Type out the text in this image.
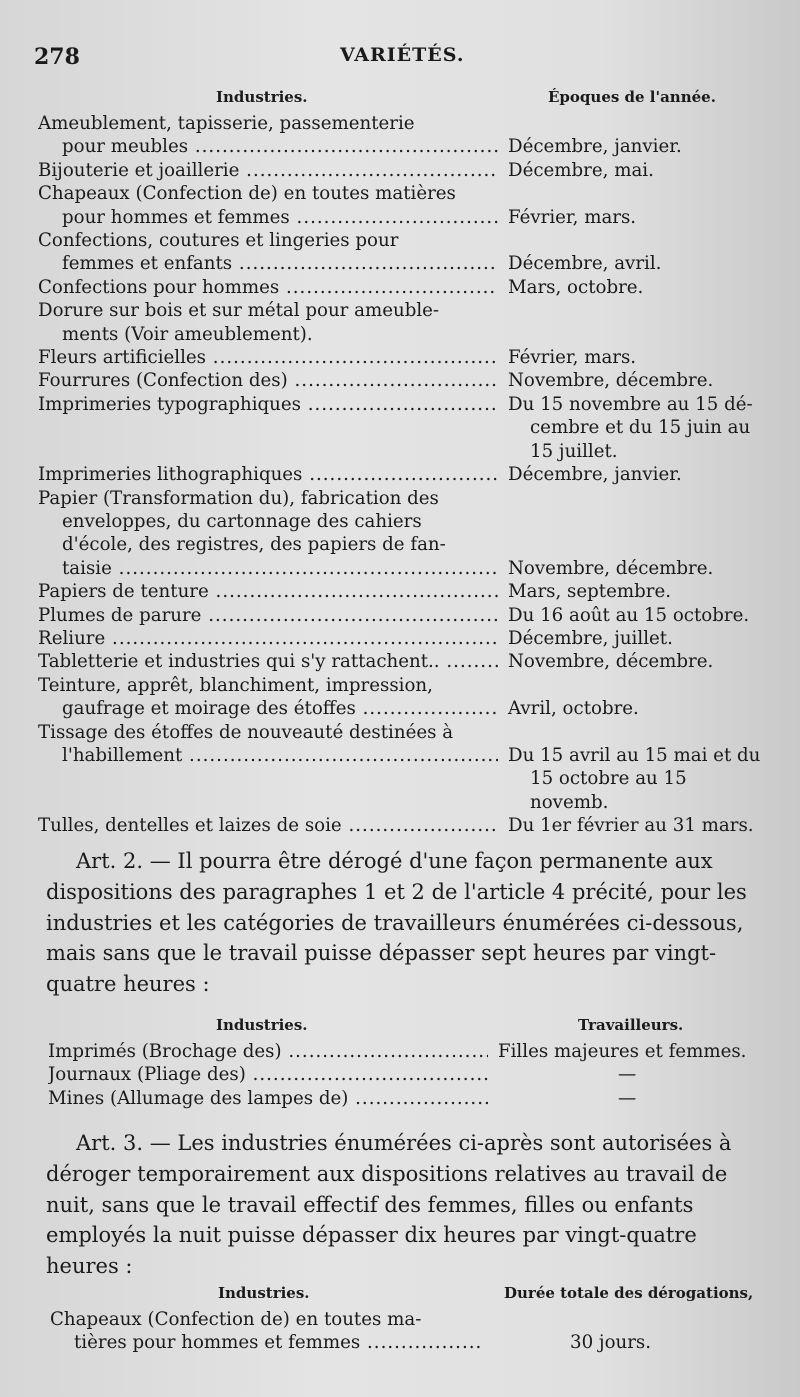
278	VARIÉTÉS.
Industries.	Époques de l'année.
Ameublement, tapisserie, passementerie
pour meubles .....	Décembre, janvier.
Bijouterie et joaillerie .....	Décembre, mai.
Chapeaux (Confection de) en toutes matières
pour hommes et femmes .....	Février, mars.
Confections, coutures et lingeries pour
femmes et enfants .....	Décembre, avril.
Confections pour hommes .....	Mars, octobre.
Dorure sur bois et sur métal pour ameuble-
ments (Voir ameublement).
Fleurs artificielles .....	Février, mars.
Fourrures (Confection des) .....	Novembre, décembre.
Imprimeries typographiques .....	Du 15 novembre au 15 dé-
cembre et du 15 juin au
15 juillet.
Imprimeries lithographiques .....	Décembre, janvier.
Papier (Transformation du), fabrication des
enveloppes, du cartonnage des cahiers
d'école, des registres, des papiers de fan-
taisie .....	Novembre, décembre.
Papiers de tenture .....	Mars, septembre.
Plumes de parure .....	Du 16 août au 15 octobre.
Reliure .....	Décembre, juillet.
Tabletterie et industries qui s'y rattachent.. .....	Novembre, décembre.
Teinture, apprêt, blanchiment, impression,
gaufrage et moirage des étoffes .....	Avril, octobre.
Tissage des étoffes de nouveauté destinées à
l'habillement .....	Du 15 avril au 15 mai et du
15 octobre au 15 novemb.
Tulles, dentelles et laizes de soie .....	Du 1er février au 31 mars.
Art. 2. — Il pourra être dérogé d'une façon permanente aux
dispositions des paragraphes 1 et 2 de l'article 4 précité, pour les
industries et les catégories de travailleurs énumérées ci-dessous,
mais sans que le travail puisse dépasser sept heures par vingt-
quatre heures :
Industries.	Travailleurs.
Imprimés (Brochage des) .....	Filles majeures et femmes.
Journaux (Pliage des) .....	—
Mines (Allumage des lampes de) .....	—
Art. 3. — Les industries énumérées ci-après sont autorisées à
déroger temporairement aux dispositions relatives au travail de
nuit, sans que le travail effectif des femmes, filles ou enfants
employés la nuit puisse dépasser dix heures par vingt-quatre
heures :
Industries.	Durée totale des dérogations,
Chapeaux (Confection de) en toutes ma-
tières pour hommes et femmes .....	30 jours.
